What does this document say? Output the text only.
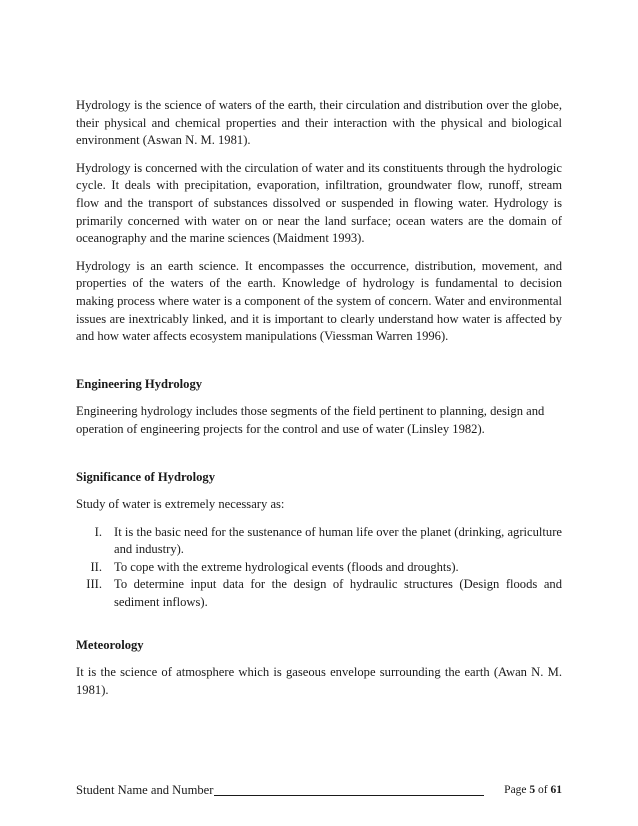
Hydrology is the science of waters of the earth, their circulation and distribution over the globe, their physical and chemical properties and their interaction with the physical and biological environment (Aswan N. M. 1981).

Hydrology is concerned with the circulation of water and its constituents through the hydrologic cycle. It deals with precipitation, evaporation, infiltration, groundwater flow, runoff, stream flow and the transport of substances dissolved or suspended in flowing water. Hydrology is primarily concerned with water on or near the land surface; ocean waters are the domain of oceanography and the marine sciences (Maidment 1993).

Hydrology is an earth science. It encompasses the occurrence, distribution, movement, and properties of the waters of the earth. Knowledge of hydrology is fundamental to decision making process where water is a component of the system of concern. Water and environmental issues are inextricably linked, and it is important to clearly understand how water is affected by and how water affects ecosystem manipulations (Viessman Warren 1996).

Engineering Hydrology

Engineering hydrology includes those segments of the field pertinent to planning, design and operation of engineering projects for the control and use of water (Linsley 1982).

Significance of Hydrology

Study of water is extremely necessary as:

I. It is the basic need for the sustenance of human life over the planet (drinking, agriculture and industry).
II. To cope with the extreme hydrological events (floods and droughts).
III. To determine input data for the design of hydraulic structures (Design floods and sediment inflows).
Meteorology

It is the science of atmosphere which is gaseous envelope surrounding the earth (Awan N. M. 1981).

Student Name and Number	Page 5 of 61
